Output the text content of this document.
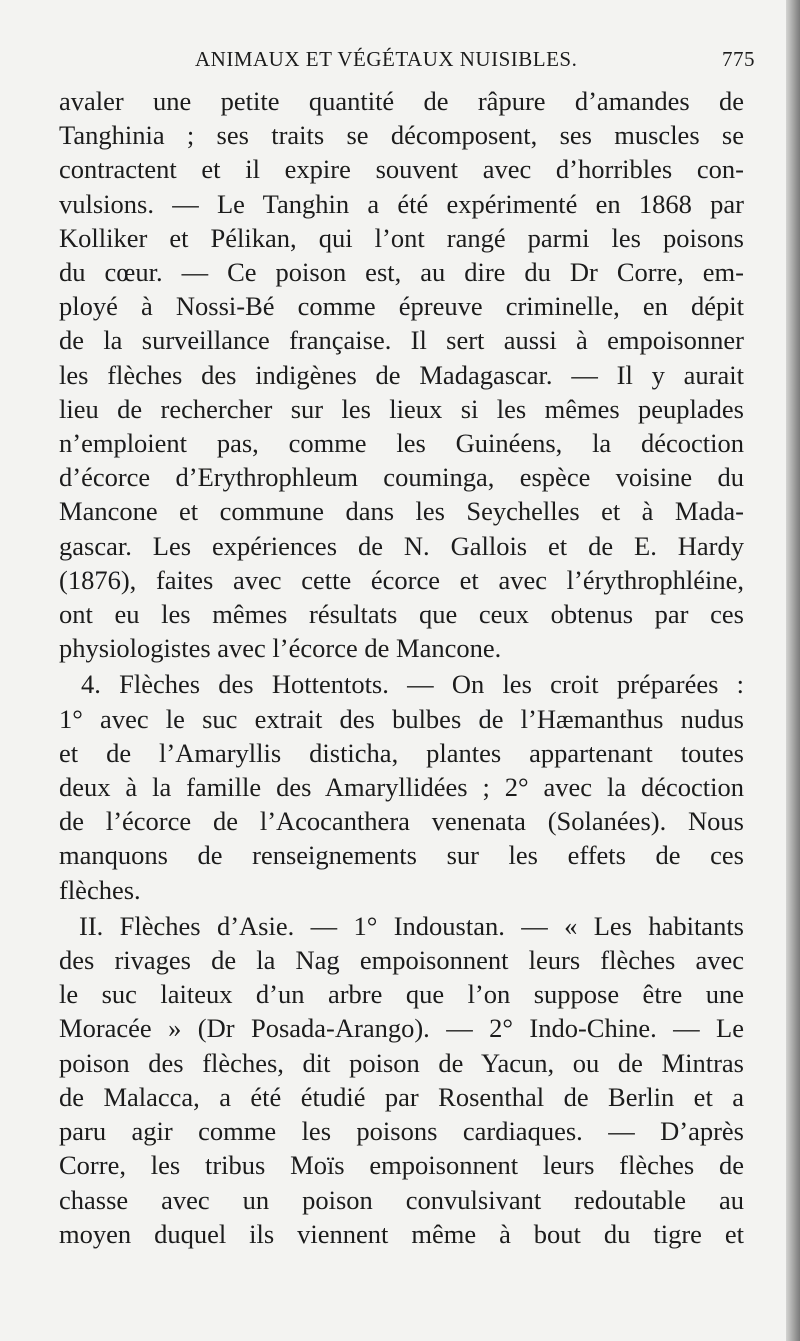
ANIMAUX ET VÉGÉTAUX NUISIBLES.	775
avaler une petite quantité de râpure d’amandes de
Tanghinia ; ses traits se décomposent, ses muscles se
contractent et il expire souvent avec d’horribles con-
vulsions. — Le Tanghin a été expérimenté en 1868 par
Kolliker et Pélikan, qui l’ont rangé parmi les poisons
du cœur. — Ce poison est, au dire du Dr Corre, em-
ployé à Nossi-Bé comme épreuve criminelle, en dépit
de la surveillance française. Il sert aussi à empoisonner
les flèches des indigènes de Madagascar. — Il y aurait
lieu de rechercher sur les lieux si les mêmes peuplades
n’emploient pas, comme les Guinéens, la décoction
d’écorce d’Erythrophleum coumingа, espèce voisine du
Mancone et commune dans les Seychelles et à Mada-
gascar. Les expériences de N. Gallois et de E. Hardy
(1876), faites avec cette écorce et avec l’érythrophléine,
ont eu les mêmes résultats que ceux obtenus par ces
physiologistes avec l’écorce de Mancone.
4. Flèches des Hottentots. — On les croit préparées :
1° avec le suc extrait des bulbes de l’Hæmanthus nudus
et de l’Amaryllis disticha, plantes appartenant toutes
deux à la famille des Amaryllidées ; 2° avec la décoction
de l’écorce de l’Acocanthera venenata (Solanées). Nous
manquons de renseignements sur les effets de ces
flèches.
II. Flèches d’Asie. — 1° Indoustan. — « Les habitants
des rivages de la Nag empoisonnent leurs flèches avec
le suc laiteux d’un arbre que l’on suppose être une
Moracée » (Dr Posada-Arango). — 2° Indo-Chine. — Le
poison des flèches, dit poison de Yacun, ou de Mintras
de Malacca, a été étudié par Rosenthal de Berlin et a
paru agir comme les poisons cardiaques. — D’après
Corre, les tribus Moïs empoisonnent leurs flèches de
chasse avec un poison convulsivant redoutable au
moyen duquel ils viennent même à bout du tigre et
